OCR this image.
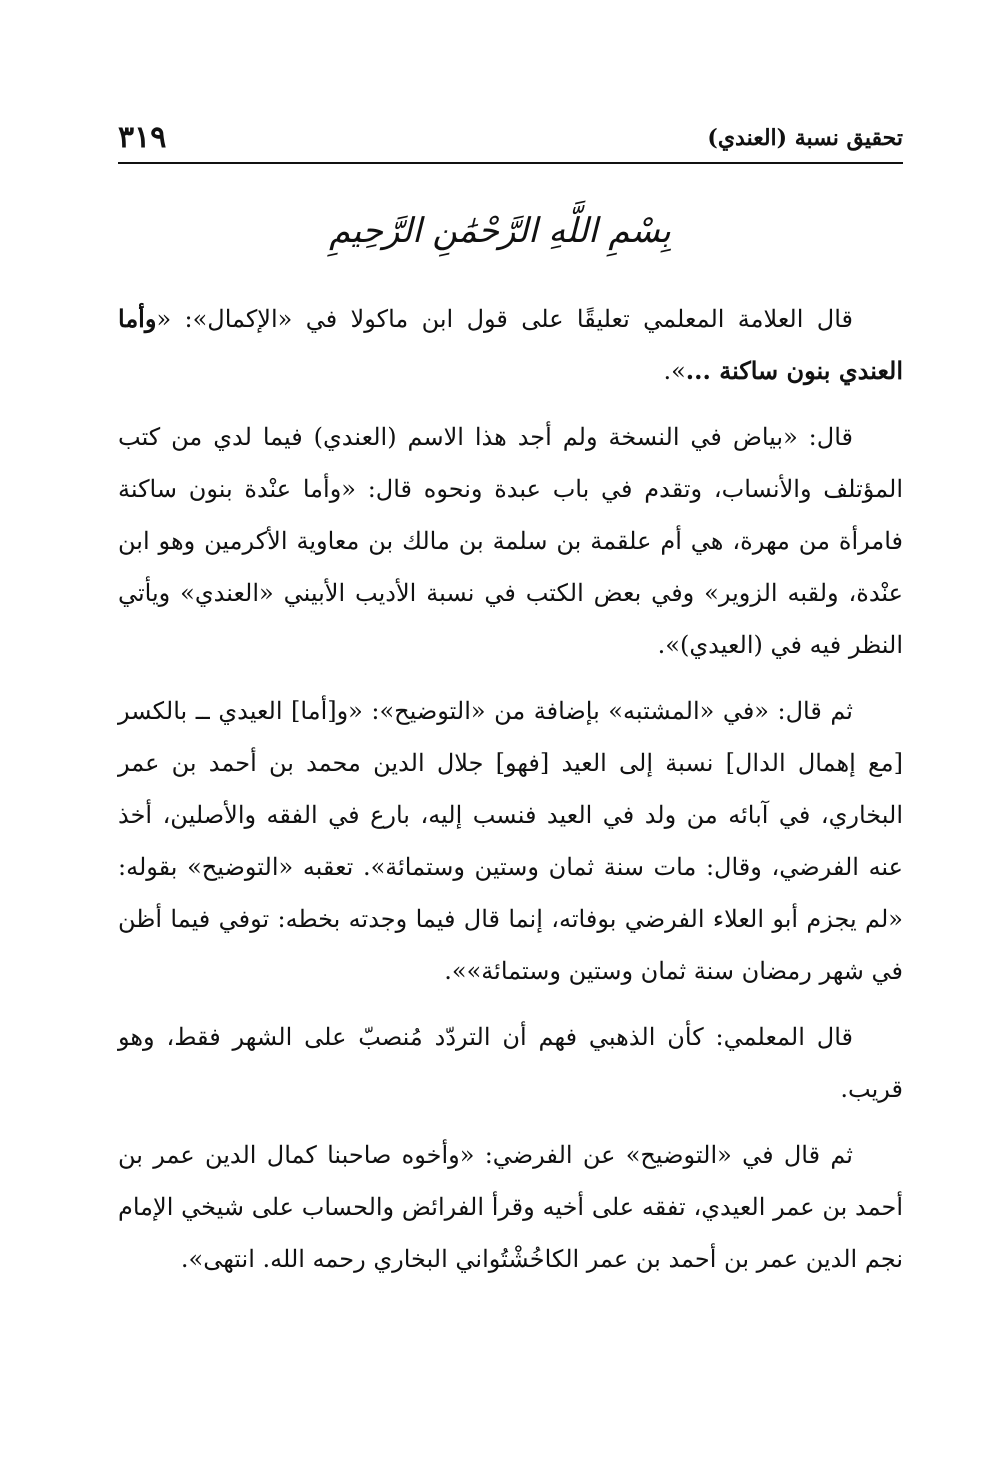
٣١٩	تحقيق نسبة (العندي)
بِسْمِ اللَّهِ الرَّحْمَٰنِ الرَّحِيمِ

قال العلامة المعلمي تعليقًا على قول ابن ماكولا في «الإكمال»: «وأما العندي بنون ساكنة ...».

قال: «بياض في النسخة ولم أجد هذا الاسم (العندي) فيما لدي من كتب المؤتلف والأنساب، وتقدم في باب عبدة ونحوه قال: «وأما عنْدة بنون ساكنة فامرأة من مهرة، هي أم علقمة بن سلمة بن مالك بن معاوية الأكرمين وهو ابن عنْدة، ولقبه الزوير» وفي بعض الكتب في نسبة الأديب الأبيني «العندي» ويأتي النظر فيه في (العيدي)».

ثم قال: «في «المشتبه» بإضافة من «التوضيح»: «و[أما] العيدي ــ بالكسر [مع إهمال الدال] نسبة إلى العيد [فهو] جلال الدين محمد بن أحمد بن عمر البخاري، في آبائه من ولد في العيد فنسب إليه، بارع في الفقه والأصلين، أخذ عنه الفرضي، وقال: مات سنة ثمان وستين وستمائة». تعقبه «التوضيح» بقوله: «لم يجزم أبو العلاء الفرضي بوفاته، إنما قال فيما وجدته بخطه: توفي فيما أظن في شهر رمضان سنة ثمان وستين وستمائة»».

قال المعلمي: كأن الذهبي فهم أن التردّد مُنصبّ على الشهر فقط، وهو قريب.

ثم قال في «التوضيح» عن الفرضي: «وأخوه صاحبنا كمال الدين عمر بن أحمد بن عمر العيدي، تفقه على أخيه وقرأ الفرائض والحساب على شيخي الإمام نجم الدين عمر بن أحمد بن عمر الكاخُشْتُواني البخاري رحمه الله. انتهى».
